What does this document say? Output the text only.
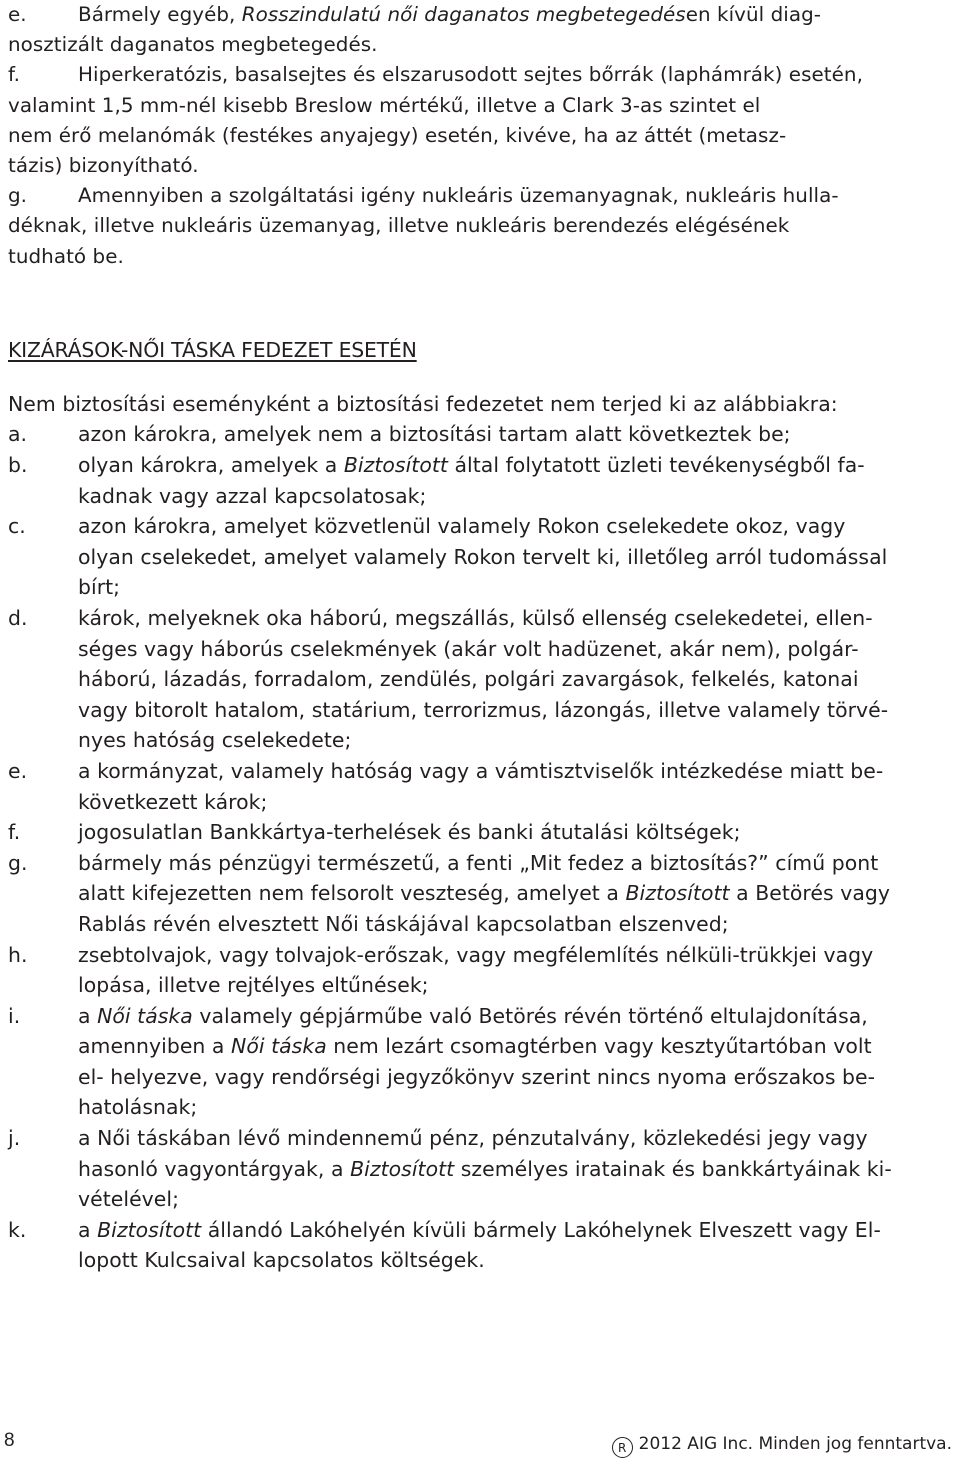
e.	Bármely egyéb, Rosszindulatú női daganatos megbetegedésen kívül diag-
nosztizált daganatos megbetegedés.
f.	Hiperkeratózis, basalsejtes és elszarusodott sejtes bőrrák (laphámrák) esetén,
valamint 1,5 mm-nél kisebb Breslow mértékű, illetve a Clark 3-as szintet el
nem érő melanómák (festékes anyajegy) esetén, kivéve, ha az áttét (metasz-
tázis) bizonyítható.
g.	Amennyiben a szolgáltatási igény nukleáris üzemanyagnak, nukleáris hulla-
déknak, illetve nukleáris üzemanyag, illetve nukleáris berendezés elégésének
tudható be.
KIZÁRÁSOK-NŐI TÁSKA FEDEZET ESETÉN
Nem biztosítási eseményként a biztosítási fedezetet nem terjed ki az alábbiakra:
a. azon károkra, amelyek nem a biztosítási tartam alatt következtek be;
b. olyan károkra, amelyek a Biztosított által folytatott üzleti tevékenységből fa-
kadnak vagy azzal kapcsolatosak;
c.	azon károkra, amelyet közvetlenül valamely Rokon cselekedete okoz, vagy
olyan cselekedet, amelyet valamely Rokon tervelt ki, illetőleg arról tudomással
bírt;
d. károk, melyeknek oka háború, megszállás, külső ellenség cselekedetei, ellen-
séges vagy háborús cselekmények (akár volt hadüzenet, akár nem), polgár-
háború, lázadás, forradalom, zendülés, polgári zavargások, felkelés, katonai
vagy bitorolt hatalom, statárium, terrorizmus, lázongás, illetve valamely törvé-
nyes hatóság cselekedete;
e. a kormányzat, valamely hatóság vagy a vámtisztviselők intézkedése miatt be-
következett károk;
f.	jogosulatlan Bankkártya-terhelések és banki átutalási költségek;
g. bármely más pénzügyi természetű, a fenti „Mit fedez a biztosítás?” című pont
alatt kifejezetten nem felsorolt veszteség, amelyet a Biztosított a Betörés vagy
Rablás révén elvesztett Női táskájával kapcsolatban elszenved;
h. zsebtolvajok, vagy tolvajok-erőszak, vagy megfélemlítés nélküli-trükkjei vagy
lopása, illetve rejtélyes eltűnések;
i.	a Női táska valamely gépjárműbe való Betörés révén történő eltulajdonítása,
amennyiben a Női táska nem lezárt csomagtérben vagy kesztyűtartóban volt
el- helyezve, vagy rendőrségi jegyzőkönyv szerint nincs nyoma erőszakos be-
hatolásnak;
j.	a Női táskában lévő mindennemű pénz, pénzutalvány, közlekedési jegy vagy
hasonló vagyontárgyak, a Biztosított személyes iratainak és bankkártyáinak ki-
vételével;
k.	a Biztosított állandó Lakóhelyén kívüli bármely Lakóhelynek Elveszett vagy El-
lopott Kulcsaival kapcsolatos költségek.
8	R 2012 AIG Inc. Minden jog fenntartva.
